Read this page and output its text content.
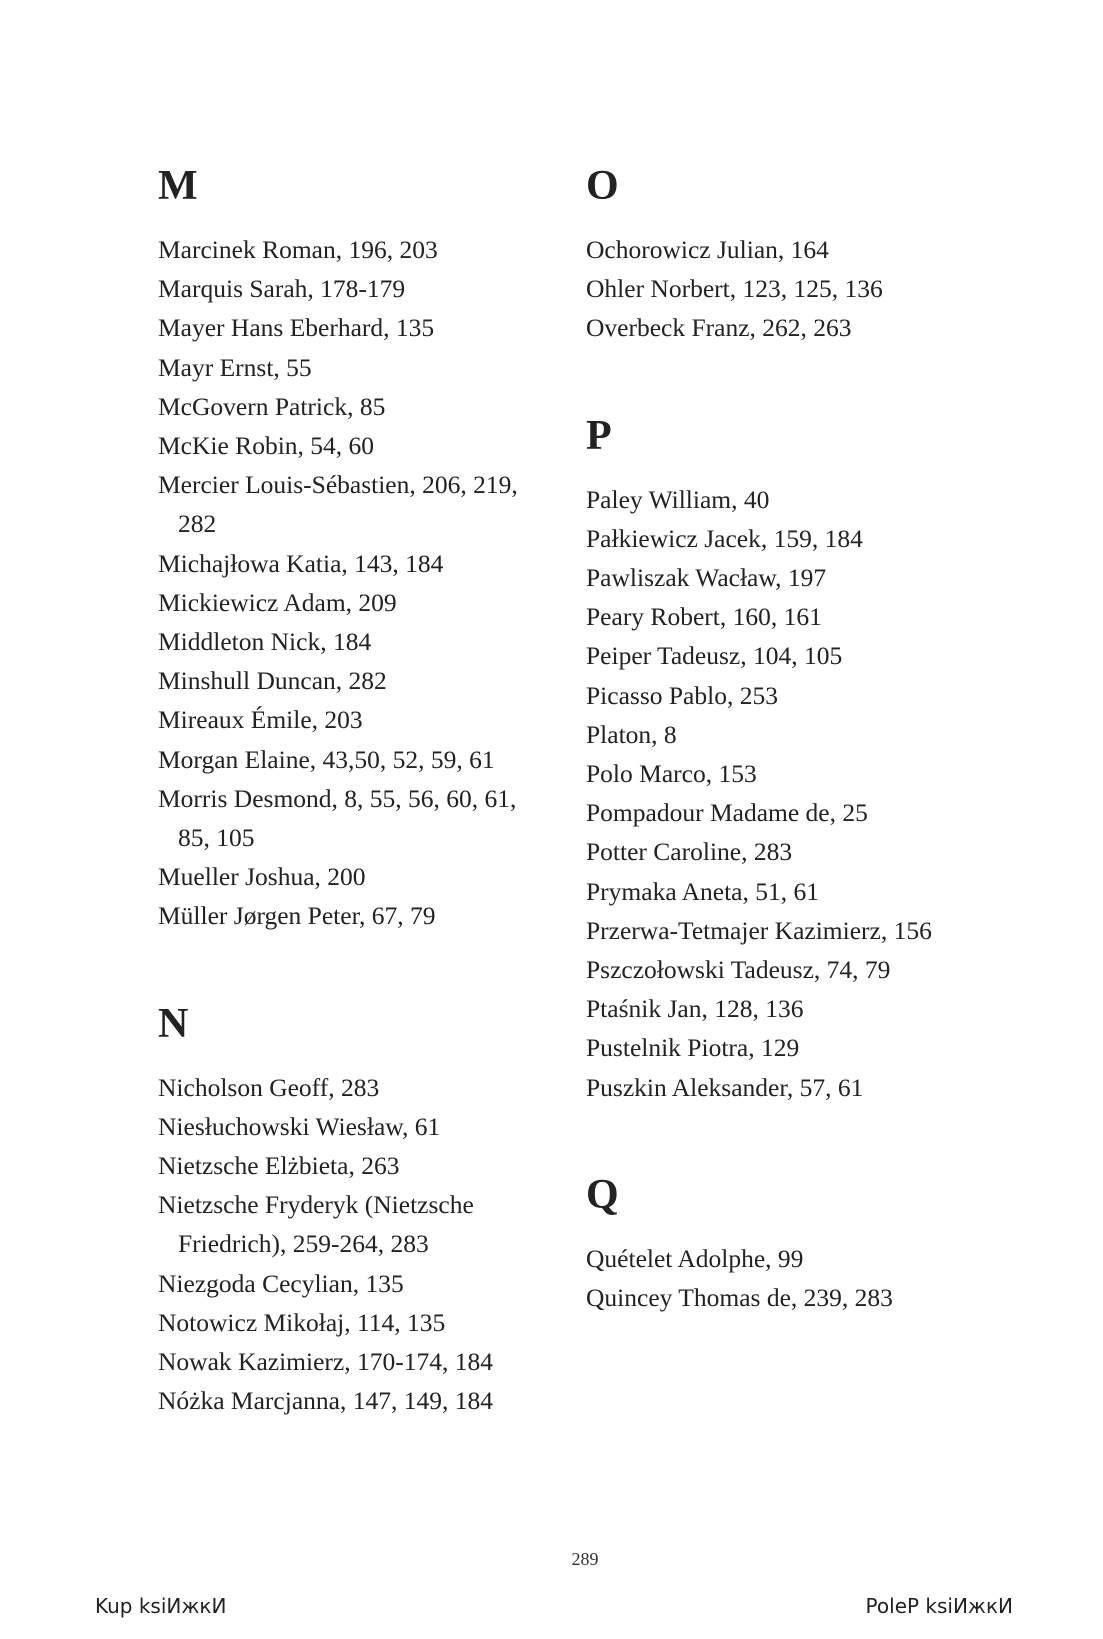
M
Marcinek Roman, 196, 203
Marquis Sarah, 178-179
Mayer Hans Eberhard, 135
Mayr Ernst, 55
McGovern Patrick, 85
McKie Robin, 54, 60
Mercier Louis-Sébastien, 206, 219, 282
Michajłowa Katia, 143, 184
Mickiewicz Adam, 209
Middleton Nick, 184
Minshull Duncan, 282
Mireaux Émile, 203
Morgan Elaine, 43,50, 52, 59, 61
Morris Desmond, 8, 55, 56, 60, 61, 85, 105
Mueller Joshua, 200
Müller Jørgen Peter, 67, 79
N
Nicholson Geoff, 283
Niesłuchowski Wiesław, 61
Nietzsche Elżbieta, 263
Nietzsche Fryderyk (Nietzsche Friedrich), 259-264, 283
Niezgoda Cecylian, 135
Notowicz Mikołaj, 114, 135
Nowak Kazimierz, 170-174, 184
Nóżka Marcjanna, 147, 149, 184
O
Ochorowicz Julian, 164
Ohler Norbert, 123, 125, 136
Overbeck Franz, 262, 263
P
Paley William, 40
Pałkiewicz Jacek, 159, 184
Pawliszak Wacław, 197
Peary Robert, 160, 161
Peiper Tadeusz, 104, 105
Picasso Pablo, 253
Platon, 8
Polo Marco, 153
Pompadour Madame de, 25
Potter Caroline, 283
Prymaka Aneta, 51, 61
Przerwa-Tetmajer Kazimierz, 156
Pszczołowski Tadeusz, 74, 79
Ptaśnik Jan, 128, 136
Pustelnik Piotra, 129
Puszkin Aleksander, 57, 61
Q
Quételet Adolphe, 99
Quincey Thomas de, 239, 283
289
Kup ksiИжкИ	PoleР ksiИжкИ
